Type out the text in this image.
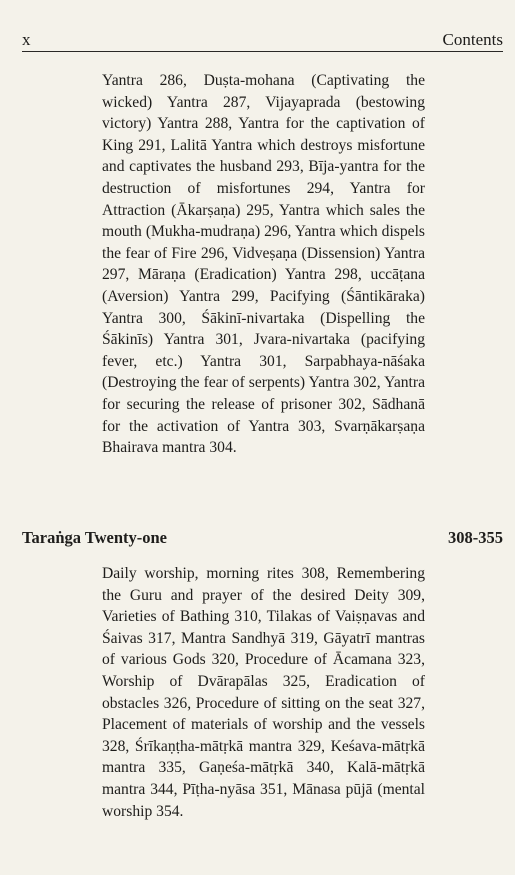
x	Contents
Yantra 286, Duṣta-mohana (Captivating the wicked) Yantra 287, Vijayaprada (bestowing victory) Yantra 288, Yantra for the captivation of King 291, Lalitā Yantra which destroys misfortune and captivates the husband 293, Bīja-yantra for the destruction of misfortunes 294, Yantra for Attraction (Ākarṣaṇa) 295, Yantra which sales the mouth (Mukha-mudraṇa) 296, Yantra which dispels the fear of Fire 296, Vidveṣaṇa (Dissension) Yantra 297, Māraṇa (Eradication) Yantra 298, uccāṭana (Aversion) Yantra 299, Pacifying (Śāntikāraka) Yantra 300, Śākinī-nivartaka (Dispelling the Śākinīs) Yantra 301, Jvara-nivartaka (pacifying fever, etc.) Yantra 301, Sarpabhaya-nāśaka (Destroying the fear of serpents) Yantra 302, Yantra for securing the release of prisoner 302, Sādhanā for the activation of Yantra 303, Svarṇākarṣaṇa Bhairava mantra 304.
Taraṅga Twenty-one	308-355
Daily worship, morning rites 308, Remembering the Guru and prayer of the desired Deity 309, Varieties of Bathing 310, Tilakas of Vaiṣṇavas and Śaivas 317, Mantra Sandhyā 319, Gāyatrī mantras of various Gods 320, Procedure of Ācamana 323, Worship of Dvārapālas 325, Eradication of obstacles 326, Procedure of sitting on the seat 327, Placement of materials of worship and the vessels 328, Śrīkaṇṭha-mātṛkā mantra 329, Keśava-mātṛkā mantra 335, Gaṇeśa-mātṛkā 340, Kalā-mātṛkā mantra 344, Pīṭha-nyāsa 351, Mānasa pūjā (mental worship 354.
